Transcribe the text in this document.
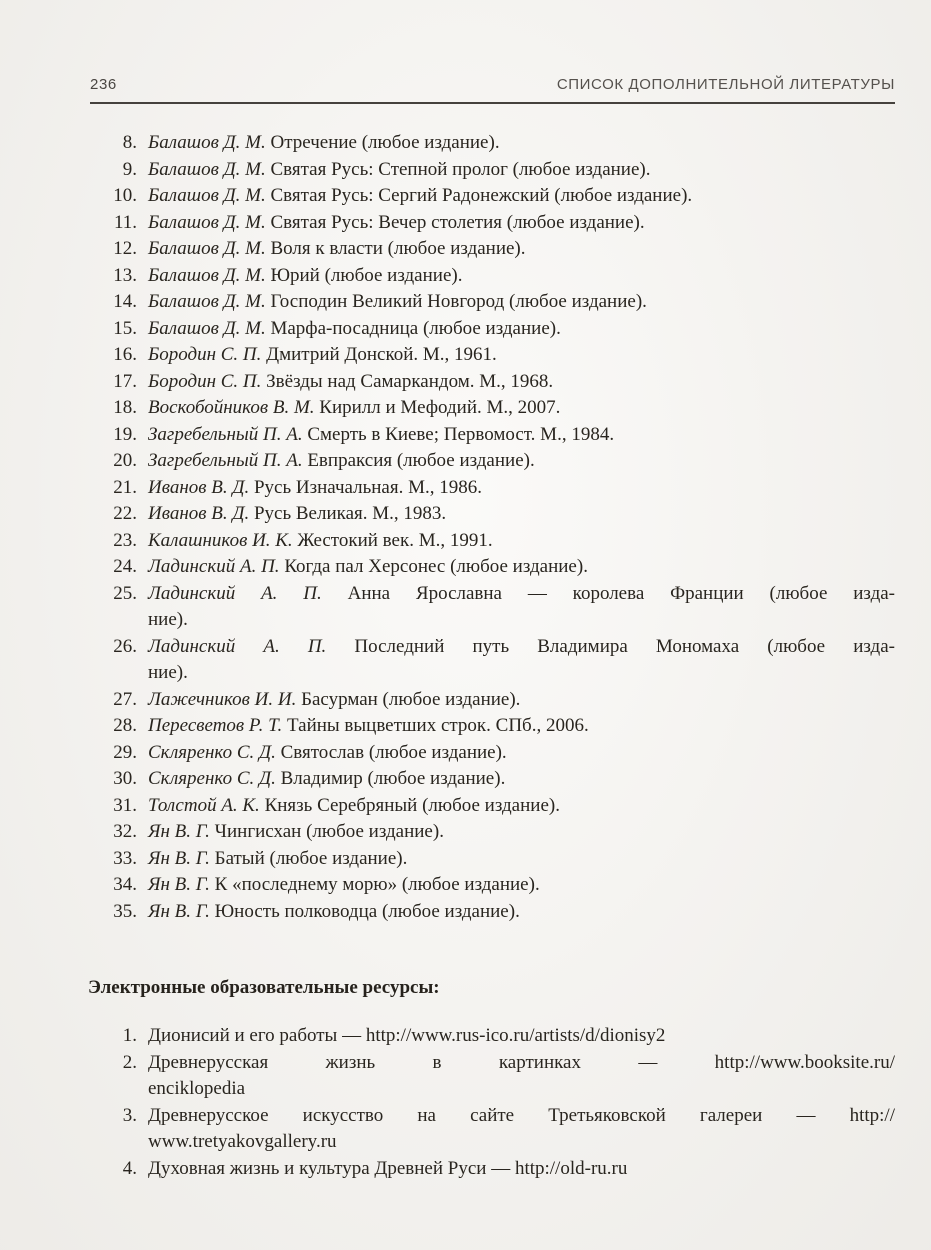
236	СПИСОК ДОПОЛНИТЕЛЬНОЙ ЛИТЕРАТУРЫ
8. Балашов Д. М. Отречение (любое издание).
9. Балашов Д. М. Святая Русь: Степной пролог (любое издание).
10. Балашов Д. М. Святая Русь: Сергий Радонежский (любое издание).
11. Балашов Д. М. Святая Русь: Вечер столетия (любое издание).
12. Балашов Д. М. Воля к власти (любое издание).
13. Балашов Д. М. Юрий (любое издание).
14. Балашов Д. М. Господин Великий Новгород (любое издание).
15. Балашов Д. М. Марфа-посадница (любое издание).
16. Бородин С. П. Дмитрий Донской. М., 1961.
17. Бородин С. П. Звёзды над Самаркандом. М., 1968.
18. Воскобойников В. М. Кирилл и Мефодий. М., 2007.
19. Загребельный П. А. Смерть в Киеве; Первомост. М., 1984.
20. Загребельный П. А. Евпраксия (любое издание).
21. Иванов В. Д. Русь Изначальная. М., 1986.
22. Иванов В. Д. Русь Великая. М., 1983.
23. Калашников И. К. Жестокий век. М., 1991.
24. Ладинский А. П. Когда пал Херсонес (любое издание).
25. Ладинский А. П. Анна Ярославна — королева Франции (любое изда-
ние).
26. Ладинский А. П. Последний путь Владимира Мономаха (любое изда-
ние).
27. Лажечников И. И. Басурман (любое издание).
28. Пересветов Р. Т. Тайны выцветших строк. СПб., 2006.
29. Скляренко С. Д. Святослав (любое издание).
30. Скляренко С. Д. Владимир (любое издание).
31. Толстой А. К. Князь Серебряный (любое издание).
32. Ян В. Г. Чингисхан (любое издание).
33. Ян В. Г. Батый (любое издание).
34. Ян В. Г. К «последнему морю» (любое издание).
35. Ян В. Г. Юность полководца (любое издание).
Электронные образовательные ресурсы:
1. Дионисий и его работы — http://www.rus-ico.ru/artists/d/dionisy2
2. Древнерусская жизнь в картинках — http://www.booksite.ru/
enciklopedia
3. Древнерусское искусство на сайте Третьяковской галереи — http://
www.tretyakovgallery.ru
4. Духовная жизнь и культура Древней Руси — http://old-ru.ru
